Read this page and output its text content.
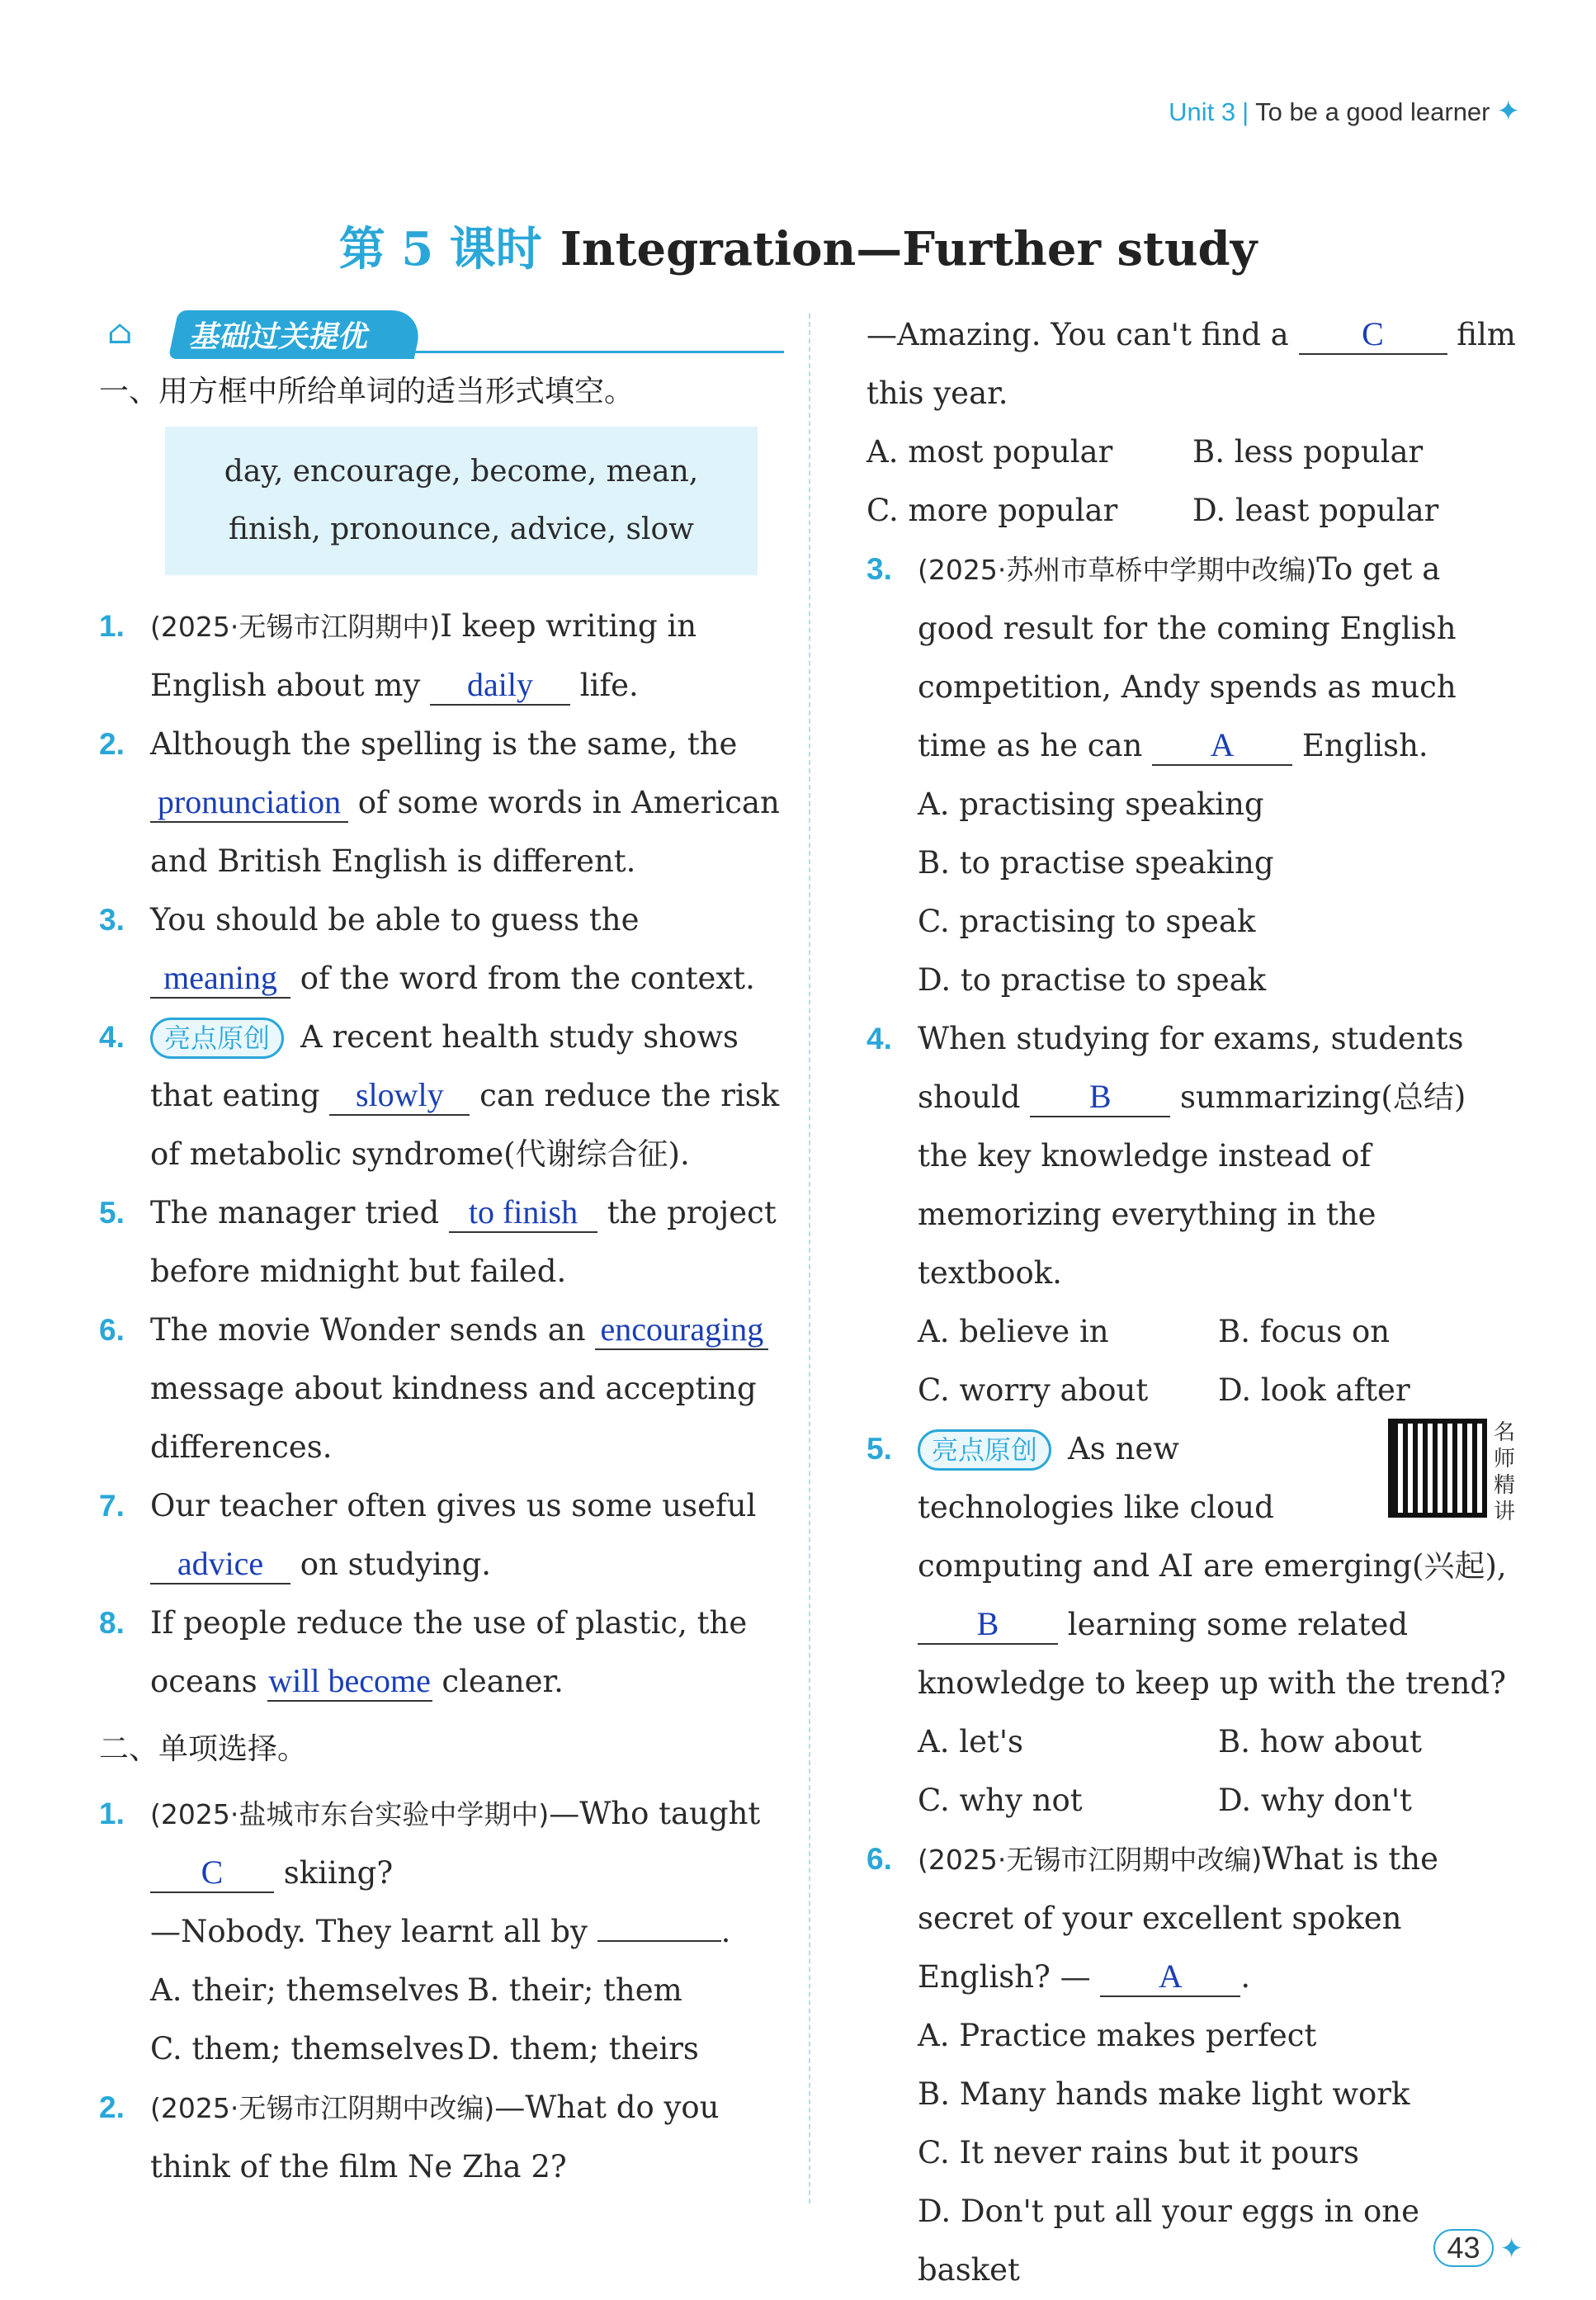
Unit 3 | To be a good learner ✦
第 5 课时 Integration—Further study
⌂	基础过关提优
一、用方框中所给单词的适当形式填空。
day, encourage, become, mean,
finish, pronounce, advice, slow
1. (2025·无锡市江阴期中)I keep writing in English about my daily life.
2. Although the spelling is the same, the pronunciation of some words in American and British English is different.
3. You should be able to guess the meaning of the word from the context.
4. 亮点原创 A recent health study shows that eating slowly can reduce the risk of metabolic syndrome(代谢综合征).
5. The manager tried to finish the project before midnight but failed.
6. The movie Wonder sends an encouraging message about kindness and accepting differences.
7. Our teacher often gives us some useful advice on studying.
8. If people reduce the use of plastic, the oceans will become cleaner.
二、单项选择。
1. (2025·盐城市东台实验中学期中)—Who taught C skiing?
—Nobody. They learnt all by	.
A. their; themselves B. their; them
C. them; themselves D. them; theirs
2. (2025·无锡市江阴期中改编)—What do you think of the film Ne Zha 2?
—Amazing. You can't find a C film this year.
A. most popular	B. less popular
C. more popular	D. least popular
3. (2025·苏州市草桥中学期中改编)To get a good result for the coming English competition, Andy spends as much time as he can A English.
A. practising speaking
B. to practise speaking
C. practising to speak
D. to practise to speak
4. When studying for exams, students should B summarizing(总结) the key knowledge instead of memorizing everything in the textbook.
A. believe in	B. focus on
C. worry about	D. look after
5.	名师精讲
亮点原创 As new technologies like cloud computing and AI are emerging(兴起), B learning some related knowledge to keep up with the trend?
A. let's	B. how about
C. why not	D. why don't
6. (2025·无锡市江阴期中改编)What is the secret of your excellent spoken English? — A .
A. Practice makes perfect
B. Many hands make light work
C. It never rains but it pours
D. Don't put all your eggs in one basket
43 ✦
